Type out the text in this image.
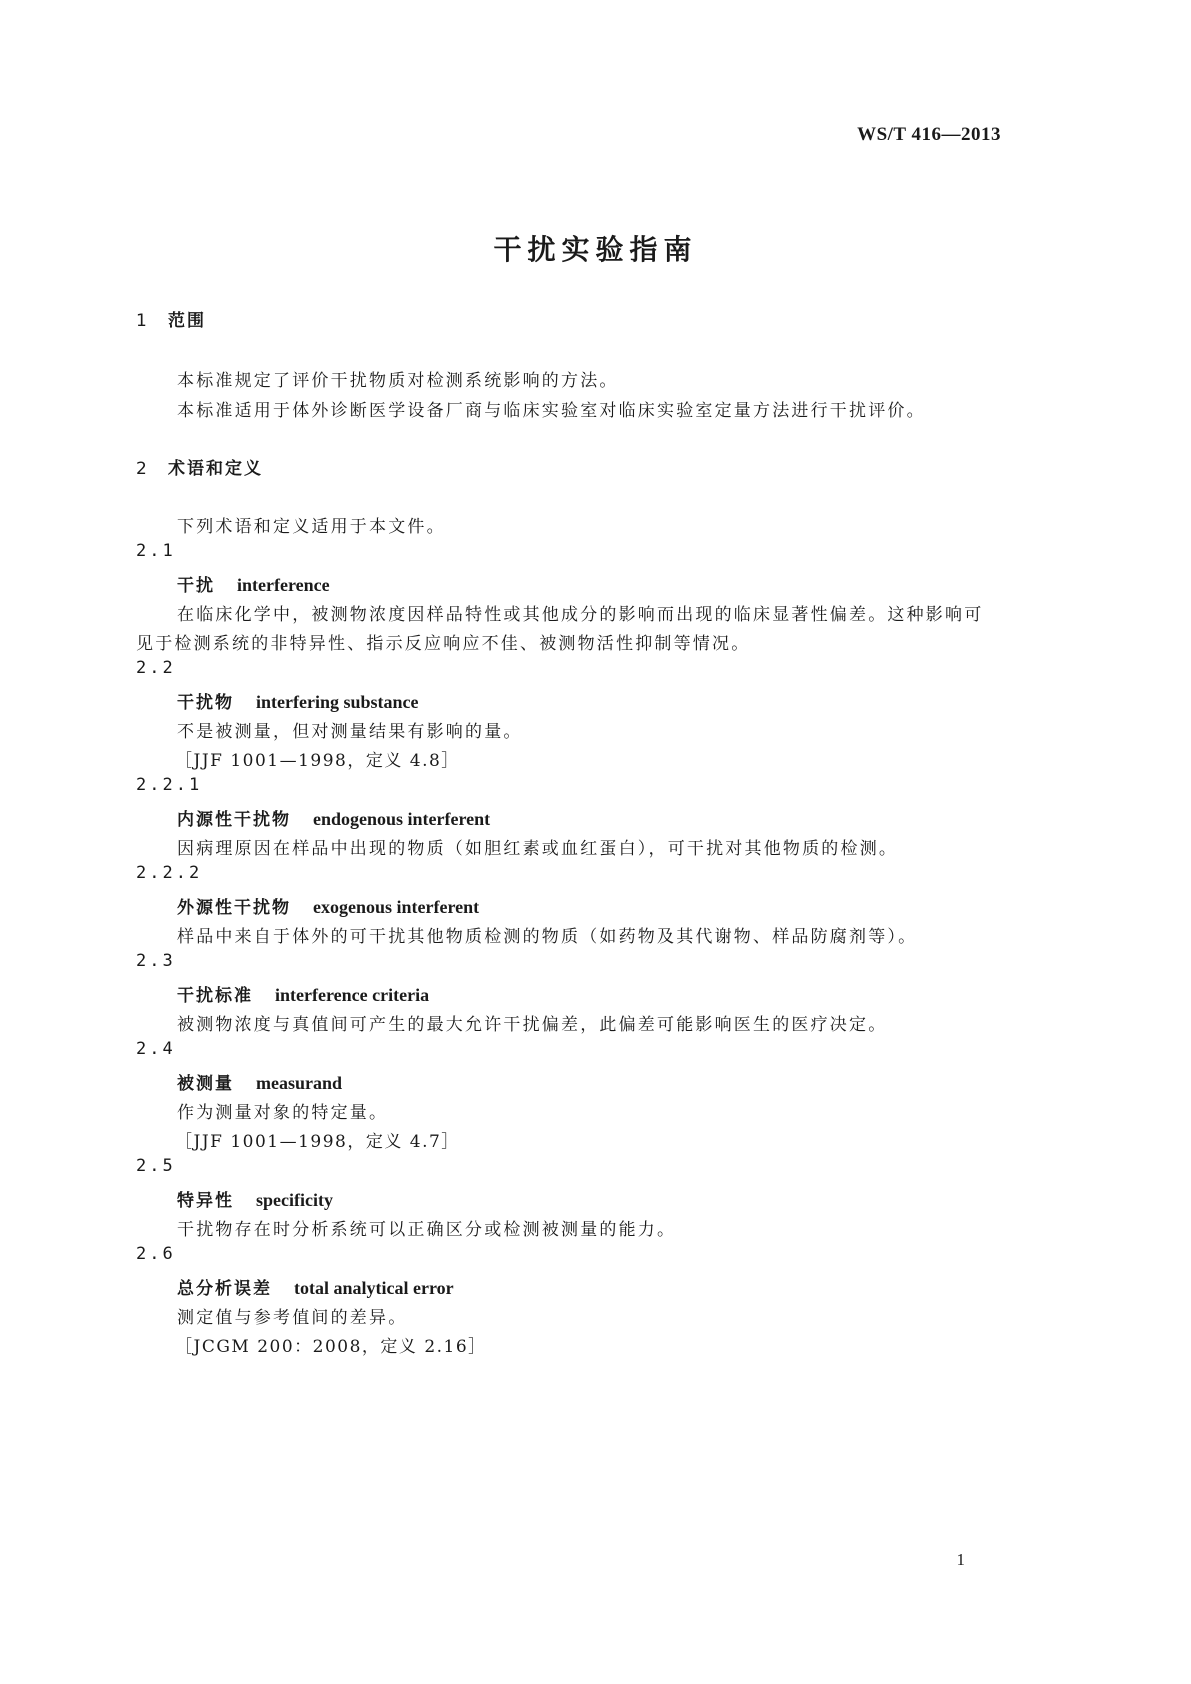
WS/T 416—2013
干扰实验指南
1 范围
本标准规定了评价干扰物质对检测系统影响的方法。
本标准适用于体外诊断医学设备厂商与临床实验室对临床实验室定量方法进行干扰评价。
2 术语和定义
下列术语和定义适用于本文件。
2.1
干扰 interference
在临床化学中，被测物浓度因样品特性或其他成分的影响而出现的临床显著性偏差。这种影响可
见于检测系统的非特异性、指示反应响应不佳、被测物活性抑制等情况。
2.2
干扰物 interfering substance
不是被测量，但对测量结果有影响的量。
［JJF 1001—1998，定义 4.8］
2.2.1
内源性干扰物 endogenous interferent
因病理原因在样品中出现的物质（如胆红素或血红蛋白），可干扰对其他物质的检测。
2.2.2
外源性干扰物 exogenous interferent
样品中来自于体外的可干扰其他物质检测的物质（如药物及其代谢物、样品防腐剂等）。
2.3
干扰标准 interference criteria
被测物浓度与真值间可产生的最大允许干扰偏差，此偏差可能影响医生的医疗决定。
2.4
被测量 measurand
作为测量对象的特定量。
［JJF 1001—1998，定义 4.7］
2.5
特异性 specificity
干扰物存在时分析系统可以正确区分或检测被测量的能力。
2.6
总分析误差 total analytical error
测定值与参考值间的差异。
［JCGM 200：2008，定义 2.16］
1
